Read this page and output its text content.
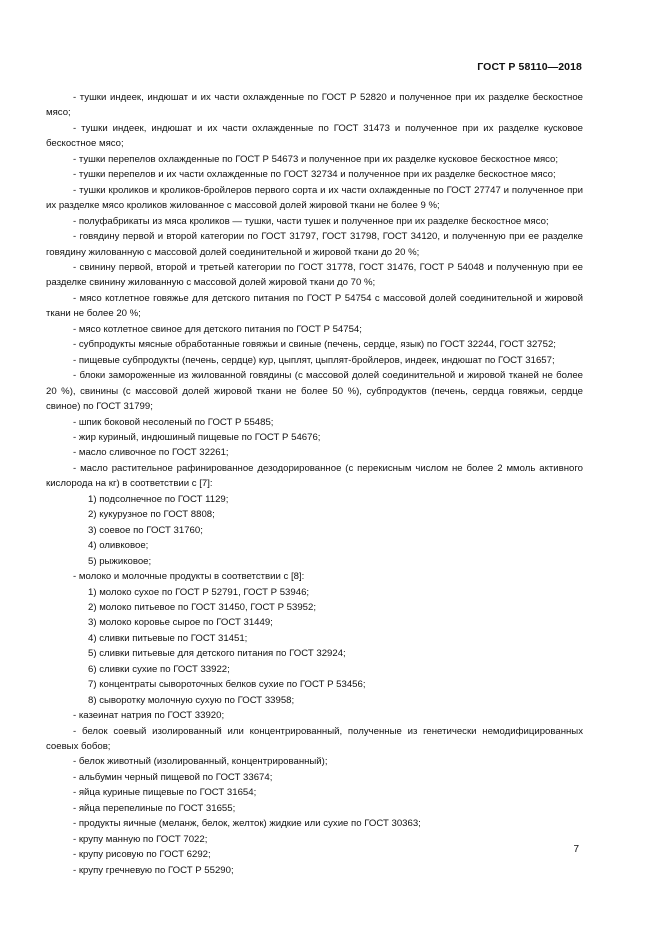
ГОСТ Р 58110—2018

- тушки индеек, индюшат и их части охлажденные по ГОСТ Р 52820 и полученное при их разделке бескостное мясо;

- тушки индеек, индюшат и их части охлажденные по ГОСТ 31473 и полученное при их разделке кусковое бескостное мясо;

- тушки перепелов охлажденные по ГОСТ Р 54673 и полученное при их разделке кусковое бескостное мясо;

- тушки перепелов и их части охлажденные по ГОСТ 32734 и полученное при их разделке бескостное мясо;

- тушки кроликов и кроликов-бройлеров первого сорта и их части охлажденные по ГОСТ 27747 и полученное при их разделке мясо кроликов жилованное с массовой долей жировой ткани не более 9 %;

- полуфабрикаты из мяса кроликов — тушки, части тушек и полученное при их разделке бескостное мясо;

- говядину первой и второй категории по ГОСТ 31797, ГОСТ 31798, ГОСТ 34120, и полученную при ее разделке говядину жилованную с массовой долей соединительной и жировой ткани до 20 %;

- свинину первой, второй и третьей категории по ГОСТ 31778, ГОСТ 31476, ГОСТ Р 54048 и полученную при ее разделке свинину жилованную с массовой долей жировой ткани до 70 %;

- мясо котлетное говяжье для детского питания по ГОСТ Р 54754 с массовой долей соединительной и жировой ткани не более 20 %;

- мясо котлетное свиное для детского питания по ГОСТ Р 54754;

- субпродукты мясные обработанные говяжьи и свиные (печень, сердце, язык) по ГОСТ 32244, ГОСТ 32752;

- пищевые субпродукты (печень, сердце) кур, цыплят, цыплят-бройлеров, индеек, индюшат по ГОСТ 31657;

- блоки замороженные из жилованной говядины (с массовой долей соединительной и жировой тканей не более 20 %), свинины (с массовой долей жировой ткани не более 50 %), субпродуктов (печень, сердца говяжьи, сердце свиное) по ГОСТ 31799;

- шпик боковой несоленый по ГОСТ Р 55485;

- жир куриный, индюшиный пищевые по ГОСТ Р 54676;

- масло сливочное по ГОСТ 32261;

- масло растительное рафинированное дезодорированное (с перекисным числом не более 2 ммоль активного кислорода на кг) в соответствии с [7]:

1) подсолнечное по ГОСТ 1129;

2) кукурузное по ГОСТ 8808;

3) соевое по ГОСТ 31760;

4) оливковое;

5) рыжиковое;

- молоко и молочные продукты в соответствии с [8]:

1) молоко сухое по ГОСТ Р 52791, ГОСТ Р 53946;

2) молоко питьевое по ГОСТ 31450, ГОСТ Р 53952;

3) молоко коровье сырое по ГОСТ 31449;

4) сливки питьевые по ГОСТ 31451;

5) сливки питьевые для детского питания по ГОСТ 32924;

6) сливки сухие по ГОСТ 33922;

7) концентраты сывороточных белков сухие по ГОСТ Р 53456;

8) сыворотку молочную сухую по ГОСТ 33958;

- казеинат натрия по ГОСТ 33920;

- белок соевый изолированный или концентрированный, полученные из генетически немодифицированных соевых бобов;

- белок животный (изолированный, концентрированный);

- альбумин черный пищевой по ГОСТ 33674;

- яйца куриные пищевые по ГОСТ 31654;

- яйца перепелиные по ГОСТ 31655;

- продукты яичные (меланж, белок, желток) жидкие или сухие по ГОСТ 30363;

- крупу манную по ГОСТ 7022;

- крупу рисовую по ГОСТ 6292;

- крупу гречневую по ГОСТ Р 55290;

7
